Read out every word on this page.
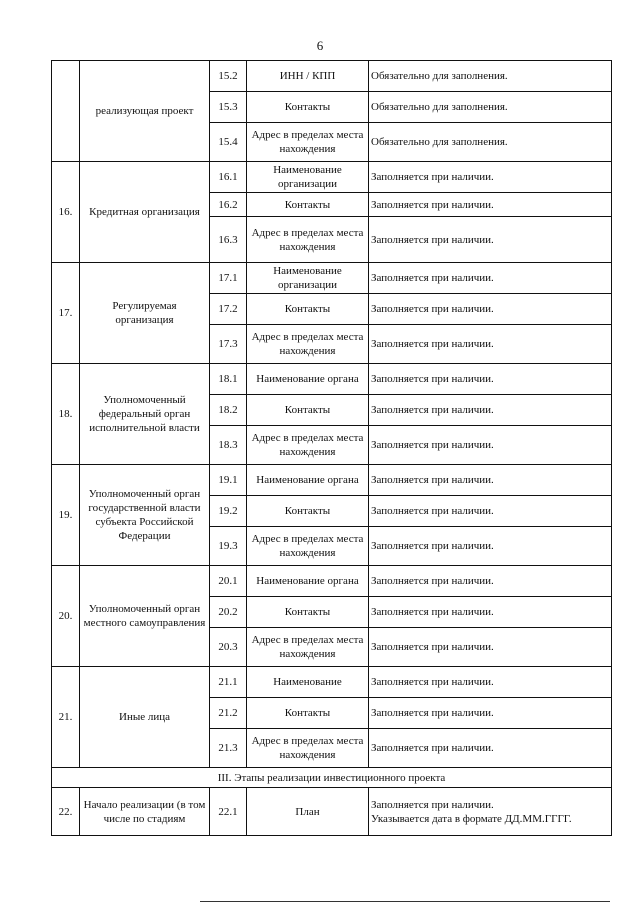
6
	реализующая проект	15.2	ИНН / КПП	Обязательно для заполнения.
		15.3	Контакты	Обязательно для заполнения.
		15.4	Адрес в пределах места нахождения	Обязательно для заполнения.
16.	Кредитная организация	16.1	Наименование организации	Заполняется при наличии.
		16.2	Контакты	Заполняется при наличии.
		16.3	Адрес в пределах места нахождения	Заполняется при наличии.
17.	Регулируемая организация	17.1	Наименование организации	Заполняется при наличии.
		17.2	Контакты	Заполняется при наличии.
		17.3	Адрес в пределах места нахождения	Заполняется при наличии.
18.	Уполномоченный федеральный орган исполнительной власти	18.1	Наименование органа	Заполняется при наличии.
		18.2	Контакты	Заполняется при наличии.
		18.3	Адрес в пределах места нахождения	Заполняется при наличии.
19.	Уполномоченный орган государственной власти субъекта Российской Федерации	19.1	Наименование органа	Заполняется при наличии.
		19.2	Контакты	Заполняется при наличии.
		19.3	Адрес в пределах места нахождения	Заполняется при наличии.
20.	Уполномоченный орган местного самоуправления	20.1	Наименование органа	Заполняется при наличии.
		20.2	Контакты	Заполняется при наличии.
		20.3	Адрес в пределах места нахождения	Заполняется при наличии.
21.	Иные лица	21.1	Наименование	Заполняется при наличии.
		21.2	Контакты	Заполняется при наличии.
		21.3	Адрес в пределах места нахождения	Заполняется при наличии.
III. Этапы реализации инвестиционного проекта				
22.	Начало реализации (в том числе по стадиям	22.1	План	Заполняется при наличии.
Указывается дата в формате ДД.ММ.ГГГГ.
